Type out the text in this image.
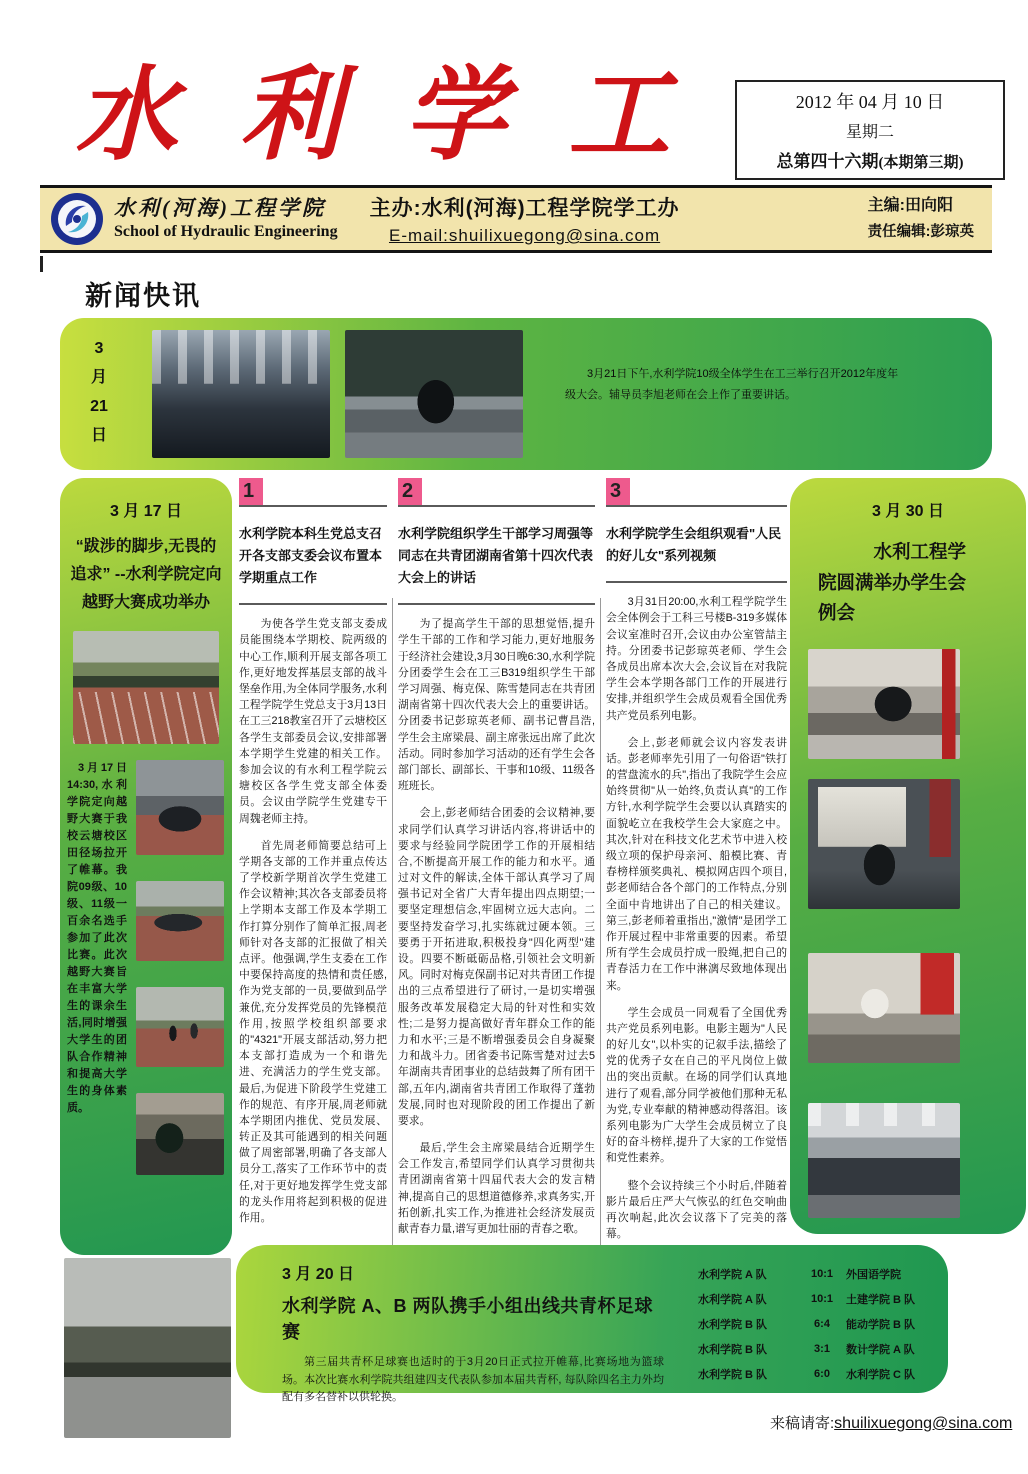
水 利 学 工	2012 年 04 月 10 日
星期二
总第四十六期(本期第三期)
水利(河海)工程学院
School of Hydraulic Engineering
主办:水利(河海)工程学院学工办
E-mail:shuilixuegong@sina.com
主编:田向阳
责任编辑:彭琼英
新闻快讯
3
月
21
日
3月21日下午,水利学院10级全体学生在工三举行召开2012年度年级大会。辅导员李旭老师在会上作了重要讲话。
3 月 17 日
“跋涉的脚步,无畏的追求” --水利学院定向越野大赛成功举办
3月17日14:30,水利学院定向越野大赛于我校云塘校区田径场拉开了帷幕。我院09级、10级、11级一百余名选手参加了此次比赛。此次越野大赛旨在丰富大学生的课余生活,同时增强大学生的团队合作精神和提高大学生的身体素质。
1
水利学院本科生党总支召开各支部支委会议布置本学期重点工作

为使各学生党支部支委成员能围绕本学期校、院两级的中心工作,顺利开展支部各项工作,更好地发挥基层支部的战斗堡垒作用,为全体同学服务,水利工程学院学生党总支于3月13日在工三218教室召开了云塘校区各学生支部委员会议,安排部署本学期学生党建的相关工作。参加会议的有水利工程学院云塘校区各学生党支部全体委员。会议由学院学生党建专干周魏老师主持。

首先周老师简要总结可上学期各支部的工作并重点传达了学校新学期首次学生党建工作会议精神;其次各支部委员将上学期本支部工作及本学期工作打算分别作了简单汇报,周老师针对各支部的汇报做了相关点评。他强调,学生支委在工作中要保持高度的热情和责任感,作为党支部的一员,要做到品学兼优,充分发挥党员的先锋模范作用,按照学校组织部要求的"4321"开展支部活动,努力把本支部打造成为一个和谐先进、充满活力的学生党支部。最后,为促进下阶段学生党建工作的规范、有序开展,周老师就本学期团内推优、党员发展、转正及其可能遇到的相关问题做了周密部署,明确了各支部人员分工,落实了工作环节中的责任,对于更好地发挥学生党支部的龙头作用将起到积极的促进作用。

2
水利学院组织学生干部学习周强等同志在共青团湖南省第十四次代表大会上的讲话

为了提高学生干部的思想觉悟,提升学生干部的工作和学习能力,更好地服务于经济社会建设,3月30日晚6:30,水利学院分团委学生会在工三B319组织学生干部学习周强、梅克保、陈雪楚同志在共青团湖南省第十四次代表大会上的重要讲话。分团委书记彭琼英老师、副书记曹昌浩,学生会主席梁晨、副主席张远出席了此次活动。同时参加学习活动的还有学生会各部门部长、副部长、干事和10级、11级各班班长。

会上,彭老师结合团委的会议精神,要求同学们认真学习讲话内容,将讲话中的要求与经验同学院团学工作的开展相结合,不断提高开展工作的能力和水平。通过对文件的解读,全体干部认真学习了周强书记对全省广大青年提出四点期望;一要坚定理想信念,牢固树立远大志向。二要坚持发奋学习,扎实练就过硬本领。三要勇于开拓进取,积极投身"四化两型"建设。四要不断砥砺品格,引领社会文明新风。同时对梅克保副书记对共青团工作提出的三点希望进行了研讨,一是切实增强服务改革发展稳定大局的针对性和实效性;二是努力提高做好青年群众工作的能力和水平;三是不断增强委员会自身凝聚力和战斗力。团省委书记陈雪楚对过去5年湖南共青团事业的总结鼓舞了所有团干部,五年内,湖南省共青团工作取得了蓬勃发展,同时也对现阶段的团工作提出了新要求。

最后,学生会主席梁晨结合近期学生会工作发言,希望同学们认真学习贯彻共青团湖南省第十四届代表大会的发言精神,提高自己的思想道德修养,求真务实,开拓创新,扎实工作,为推进社会经济发展贡献青春力量,谱写更加壮丽的青春之歌。

3
水利学院学生会组织观看"人民的好儿女"系列视频

3月31日20:00,水利工程学院学生会全体例会于工科三号楼B-319多媒体会议室准时召开,会议由办公室管喆主持。分团委书记彭琼英老师、学生会各成员出席本次大会,会议旨在对我院学生会本学期各部门工作的开展进行安排,并组织学生会成员观看全国优秀共产党员系列电影。

会上,彭老师就会议内容发表讲话。彭老师率先引用了一句俗语"铁打的营盘流水的兵",指出了我院学生会应始终贯彻"从一始终,负责认真"的工作方针,水利学院学生会要以认真踏实的面貌屹立在我校学生会大家庭之中。其次,针对在科技文化艺术节中进入校级立项的保护母亲河、船模比赛、青春榜样颁奖典礼、模拟网店四个项目,彭老师结合各个部门的工作特点,分别全面中肯地讲出了自己的相关建议。第三,彭老师着重指出,"激情"是团学工作开展过程中非常重要的因素。希望所有学生会成员拧成一股绳,把自己的青春活力在工作中淋漓尽致地体现出来。

学生会成员一同观看了全国优秀共产党员系列电影。电影主题为"人民的好儿女",以朴实的记叙手法,描绘了党的优秀子女在自己的平凡岗位上做出的突出贡献。在场的同学们认真地进行了观看,部分同学被他们那种无私为党,专业奉献的精神感动得落泪。该系列电影为广大学生会成员树立了良好的奋斗榜样,提升了大家的工作觉悟和党性素养。

整个会议持续三个小时后,伴随着影片最后庄严大气恢弘的红色交响曲再次响起,此次会议落下了完美的落幕。

3 月 30 日
水利工程学院圆满举办学生会例会
3 月 20 日
水利学院 A、B 两队携手小组出线共青杯足球赛
第三届共青杯足球赛也适时的于3月20日正式拉开帷幕,比赛场地为篮球场。本次比赛水利学院共组建四支代表队参加本届共青杯, 每队除四名主力外均配有多名替补以供轮换。
水利学院 A 队	10:1	外国语学院
水利学院 A 队	10:1	土建学院 B 队
水利学院 B 队	6:4	能动学院 B 队
水利学院 B 队	3:1	数计学院 A 队
水利学院 B 队	6:0	水利学院 C 队
来稿请寄: shuilixuegong@sina.com
